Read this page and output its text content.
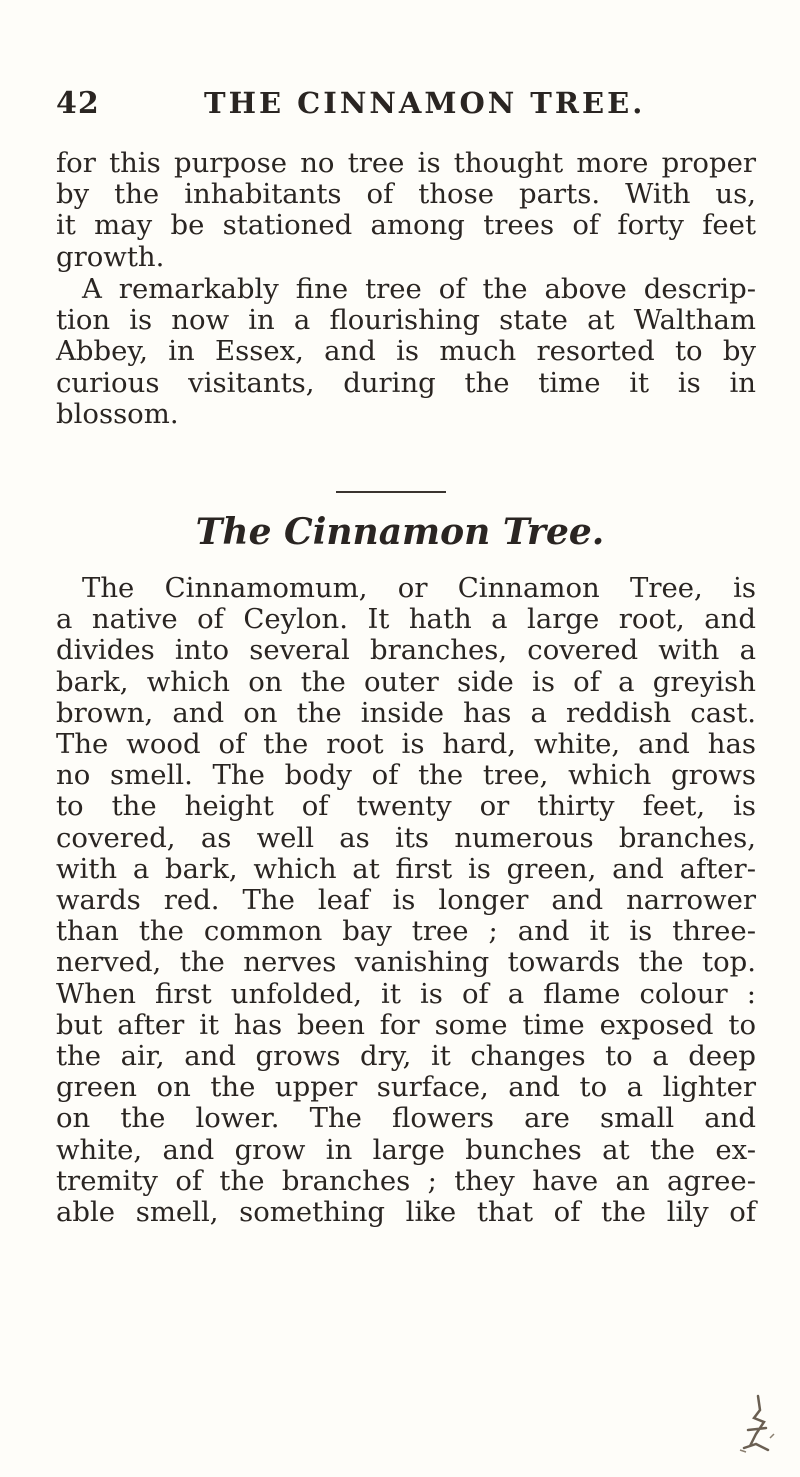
42	THE CINNAMON TREE.
for this purpose no tree is thought more proper
by the inhabitants of those parts. With us,
it may be stationed among trees of forty feet
growth.
A remarkably fine tree of the above descrip-
tion is now in a flourishing state at Waltham
Abbey, in Essex, and is much resorted to by
curious visitants, during the time it is in
blossom.
The Cinnamon Tree.
The Cinnamomum, or Cinnamon Tree, is
a native of Ceylon. It hath a large root, and
divides into several branches, covered with a
bark, which on the outer side is of a greyish
brown, and on the inside has a reddish cast.
The wood of the root is hard, white, and has
no smell. The body of the tree, which grows
to the height of twenty or thirty feet, is
covered, as well as its numerous branches,
with a bark, which at first is green, and after-
wards red. The leaf is longer and narrower
than the common bay tree ; and it is three-
nerved, the nerves vanishing towards the top.
When first unfolded, it is of a flame colour :
but after it has been for some time exposed to
the air, and grows dry, it changes to a deep
green on the upper surface, and to a lighter
on the lower. The flowers are small and
white, and grow in large bunches at the ex-
tremity of the branches ; they have an agree-
able smell, something like that of the lily of
